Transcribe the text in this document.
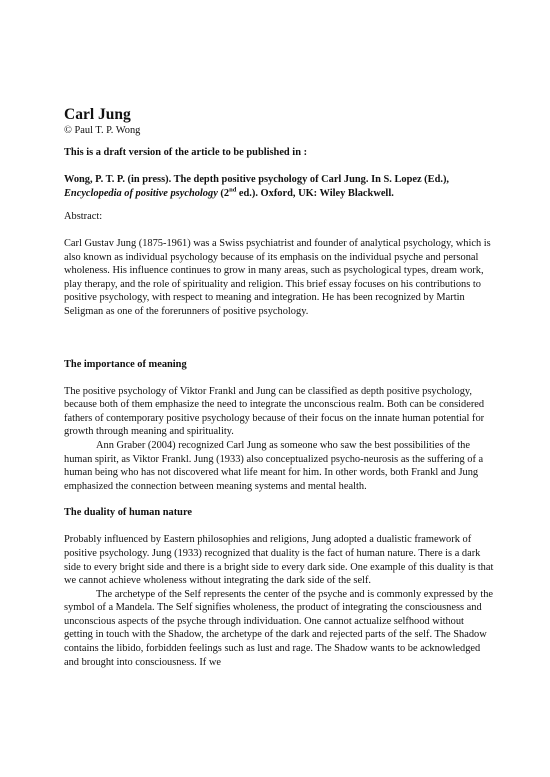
Carl Jung

© Paul T. P. Wong

This is a draft version of the article to be published in :

Wong, P. T. P. (in press). The depth positive psychology of Carl Jung. In S. Lopez (Ed.), Encyclopedia of positive psychology (2nd ed.). Oxford, UK: Wiley Blackwell.

Abstract:

Carl Gustav Jung (1875-1961) was a Swiss psychiatrist and founder of analytical psychology, which is also known as individual psychology because of its emphasis on the individual psyche and personal wholeness. His influence continues to grow in many areas, such as psychological types, dream work, play therapy, and the role of spirituality and religion. This brief essay focuses on his contributions to positive psychology, with respect to meaning and integration. He has been recognized by Martin Seligman as one of the forerunners of positive psychology.

The importance of meaning

The positive psychology of Viktor Frankl and Jung can be classified as depth positive psychology, because both of them emphasize the need to integrate the unconscious realm. Both can be considered fathers of contemporary positive psychology because of their focus on the innate human potential for growth through meaning and spirituality.

Ann Graber (2004) recognized Carl Jung as someone who saw the best possibilities of the human spirit, as Viktor Frankl. Jung (1933) also conceptualized psycho-neurosis as the suffering of a human being who has not discovered what life meant for him. In other words, both Frankl and Jung emphasized the connection between meaning systems and mental health.

The duality of human nature

Probably influenced by Eastern philosophies and religions, Jung adopted a dualistic framework of positive psychology. Jung (1933) recognized that duality is the fact of human nature. There is a dark side to every bright side and there is a bright side to every dark side. One example of this duality is that we cannot achieve wholeness without integrating the dark side of the self.

The archetype of the Self represents the center of the psyche and is commonly expressed by the symbol of a Mandela. The Self signifies wholeness, the product of integrating the consciousness and unconscious aspects of the psyche through individuation. One cannot actualize selfhood without getting in touch with the Shadow, the archetype of the dark and rejected parts of the self. The Shadow contains the libido, forbidden feelings such as lust and rage. The Shadow wants to be acknowledged and brought into consciousness. If we
